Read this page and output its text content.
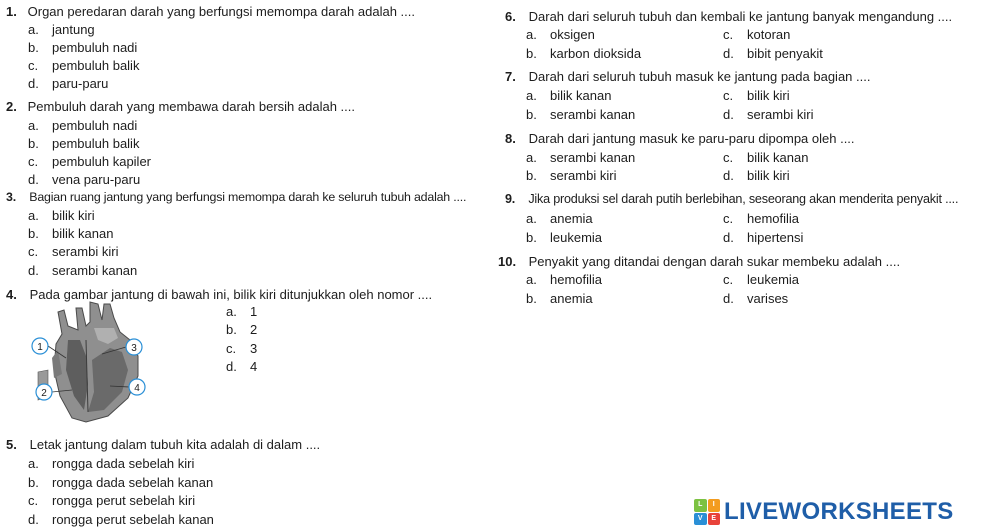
1. Organ peredaran darah yang berfungsi memompa darah adalah ....
a. jantung
b. pembuluh nadi
c. pembuluh balik
d. paru-paru
2. Pembuluh darah yang membawa darah bersih adalah ....
a. pembuluh nadi
b. pembuluh balik
c. pembuluh kapiler
d. vena paru-paru
3. Bagian ruang jantung yang berfungsi memompa darah ke seluruh tubuh adalah ....
a. bilik kiri
b. bilik kanan
c. serambi kiri
d. serambi kanan
4. Pada gambar jantung di bawah ini, bilik kiri ditunjukkan oleh nomor ....
a. 1
b. 2
c. 3
d. 4
1
2
3
4
5. Letak jantung dalam tubuh kita adalah di dalam ....
a. rongga dada sebelah kiri
b. rongga dada sebelah kanan
c. rongga perut sebelah kiri
d. rongga perut sebelah kanan
6. Darah dari seluruh tubuh dan kembali ke jantung banyak mengandung ....
a. oksigen
b. karbon dioksida
c. kotoran
d. bibit penyakit
7. Darah dari seluruh tubuh masuk ke jantung pada bagian ....
a. bilik kanan
b. serambi kanan
c. bilik kiri
d. serambi kiri
8. Darah dari jantung masuk ke paru-paru dipompa oleh ....
a. serambi kanan
b. serambi kiri
c. bilik kanan
d. bilik kiri
9. Jika produksi sel darah putih berlebihan, seseorang akan menderita penyakit ....
a. anemia
b. leukemia
c. hemofilia
d. hipertensi
10. Penyakit yang ditandai dengan darah sukar membeku adalah ....
a. hemofilia
b. anemia
c. leukemia
d. varises
L	I
V	E LIVEWORKSHEETS
